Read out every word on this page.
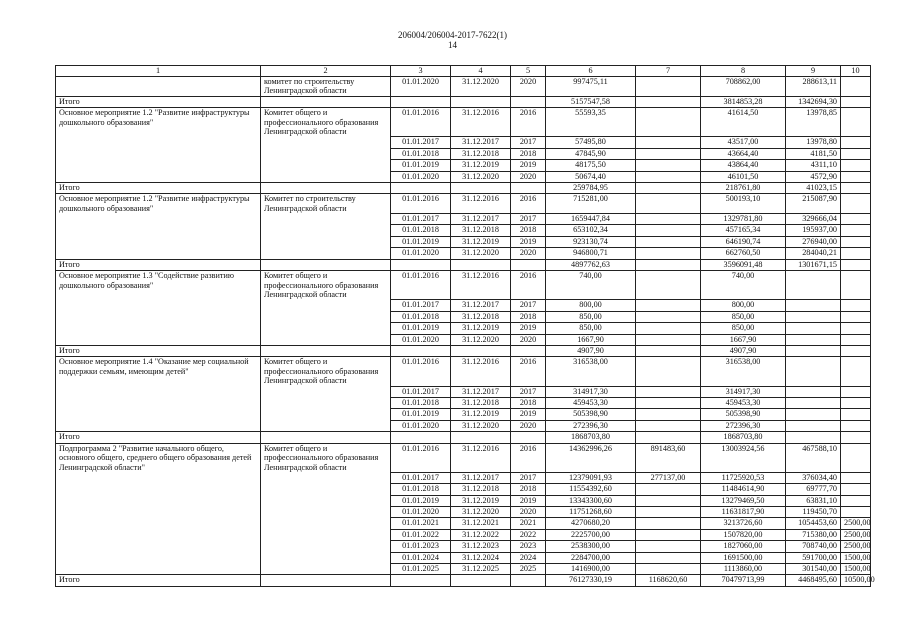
206004/206004-2017-7622(1)
14
1	2	3	4	5	6	7	8	9	10
	комитет по строительству Ленинградской области	01.01.2020	31.12.2020	2020	997475,11		708862,00	288613,11	
Итого					5157547,58		3814853,28	1342694,30	
Основное мероприятие 1.2 "Развитие инфраструктуры дошкольного образования"	Комитет общего и профессионального образования Ленинградской области	01.01.2016	31.12.2016	2016	55593,35		41614,50	13978,85	
		01.01.2017	31.12.2017	2017	57495,80		43517,00	13978,80	
		01.01.2018	31.12.2018	2018	47845,90		43664,40	4181,50	
		01.01.2019	31.12.2019	2019	48175,50		43864,40	4311,10	
		01.01.2020	31.12.2020	2020	50674,40		46101,50	4572,90	
Итого					259784,95		218761,80	41023,15	
Основное мероприятие 1.2 "Развитие инфраструктуры дошкольного образования"	Комитет по строительству Ленинградской области	01.01.2016	31.12.2016	2016	715281,00		500193,10	215087,90	
		01.01.2017	31.12.2017	2017	1659447,84		1329781,80	329666,04	
		01.01.2018	31.12.2018	2018	653102,34		457165,34	195937,00	
		01.01.2019	31.12.2019	2019	923130,74		646190,74	276940,00	
		01.01.2020	31.12.2020	2020	946800,71		662760,50	284040,21	
Итого					4897762,63		3596091,48	1301671,15	
Основное мероприятие 1.3 "Содействие развитию дошкольного образования"	Комитет общего и профессионального образования Ленинградской области	01.01.2016	31.12.2016	2016	740,00		740,00		
		01.01.2017	31.12.2017	2017	800,00		800,00		
		01.01.2018	31.12.2018	2018	850,00		850,00		
		01.01.2019	31.12.2019	2019	850,00		850,00		
		01.01.2020	31.12.2020	2020	1667,90		1667,90		
Итого					4907,90		4907,90		
Основное мероприятие 1.4 "Оказание мер социальной поддержки семьям, имеющим детей"	Комитет общего и профессионального образования Ленинградской области	01.01.2016	31.12.2016	2016	316538,00		316538,00		
		01.01.2017	31.12.2017	2017	314917,30		314917,30		
		01.01.2018	31.12.2018	2018	459453,30		459453,30		
		01.01.2019	31.12.2019	2019	505398,90		505398,90		
		01.01.2020	31.12.2020	2020	272396,30		272396,30		
Итого					1868703,80		1868703,80		
Подпрограмма 2 "Развитие начального общего, основного общего, среднего общего образования детей Ленинградской области"	Комитет общего и профессионального образования Ленинградской области	01.01.2016	31.12.2016	2016	14362996,26	891483,60	13003924,56	467588,10	
		01.01.2017	31.12.2017	2017	12379091,93	277137,00	11725920,53	376034,40	
		01.01.2018	31.12.2018	2018	11554392,60		11484614,90	69777,70	
		01.01.2019	31.12.2019	2019	13343300,60		13279469,50	63831,10	
		01.01.2020	31.12.2020	2020	11751268,60		11631817,90	119450,70	
		01.01.2021	31.12.2021	2021	4270680,20		3213726,60	1054453,60	2500,00
		01.01.2022	31.12.2022	2022	2225700,00		1507820,00	715380,00	2500,00
		01.01.2023	31.12.2023	2023	2538300,00		1827060,00	708740,00	2500,00
		01.01.2024	31.12.2024	2024	2284700,00		1691500,00	591700,00	1500,00
		01.01.2025	31.12.2025	2025	1416900,00		1113860,00	301540,00	1500,00
Итого					76127330,19	1168620,60	70479713,99	4468495,60	10500,00
